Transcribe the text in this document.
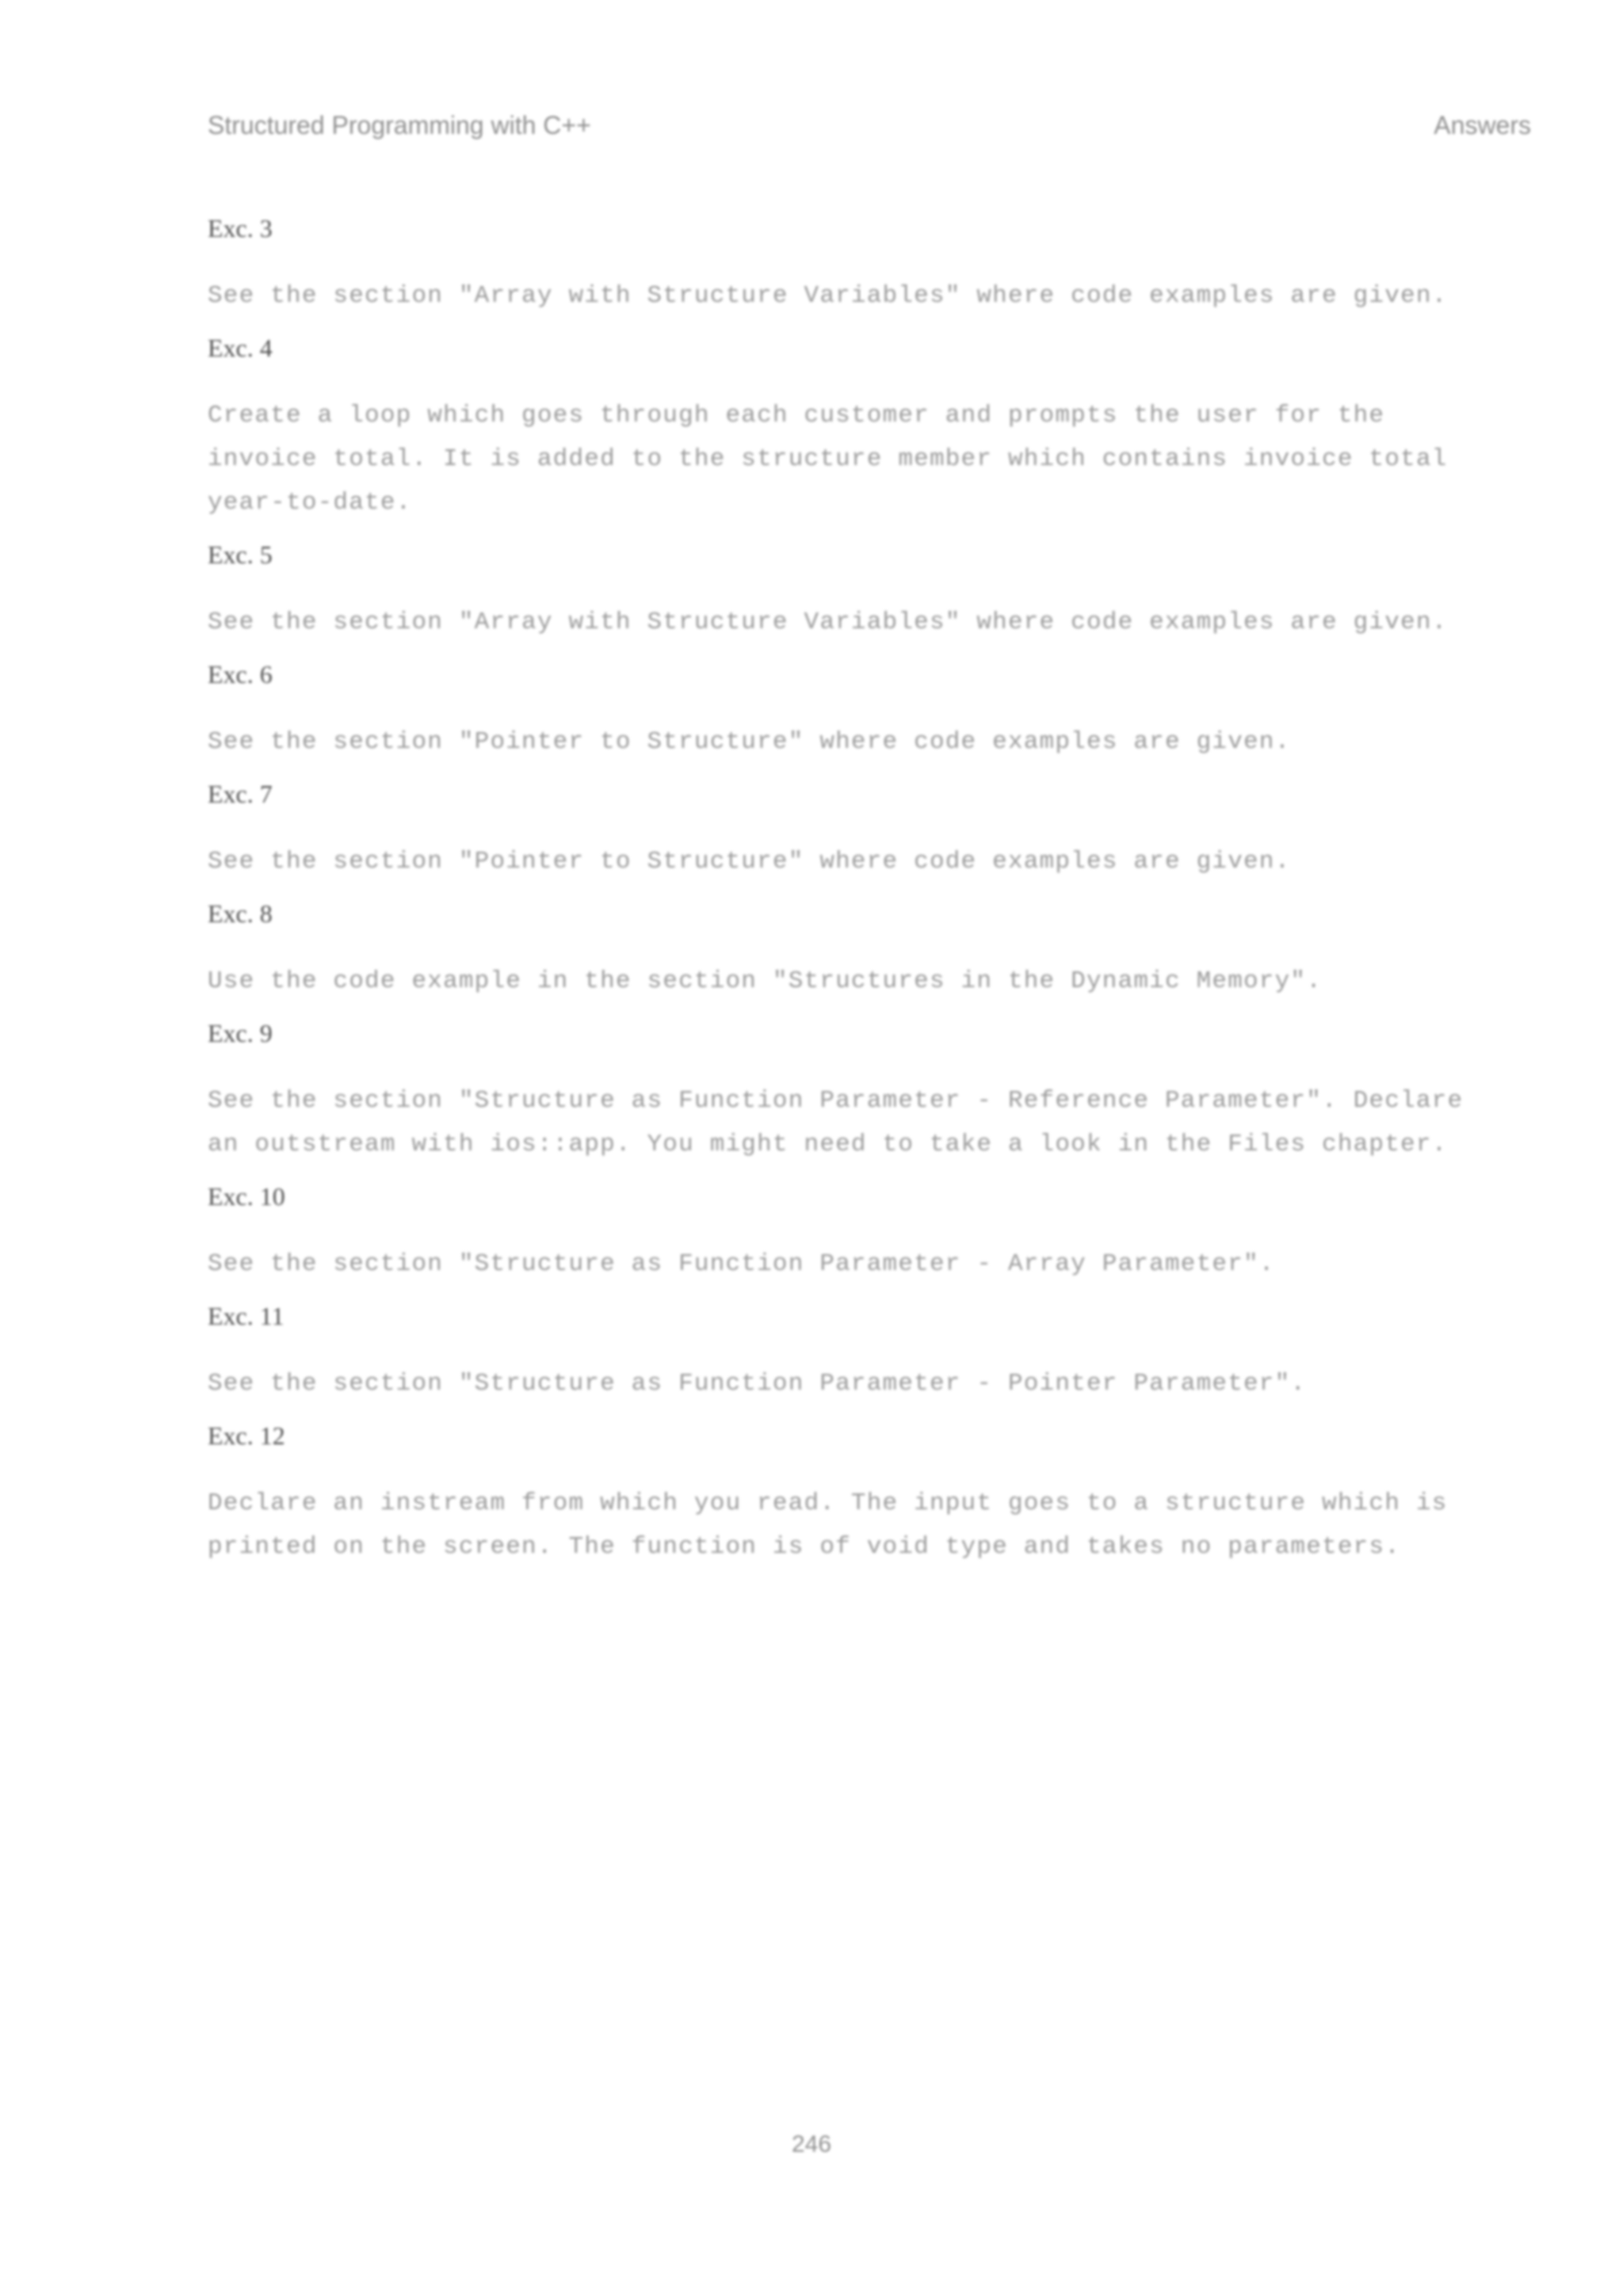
Structured Programming with C++	Answers
Exc. 3
See the section "Array with Structure Variables" where code examples are given.
Exc. 4
Create a loop which goes through each customer and prompts the user for the invoice total. It is added to the structure member which contains invoice total year-to-date.
Exc. 5
See the section "Array with Structure Variables" where code examples are given.
Exc. 6
See the section "Pointer to Structure" where code examples are given.
Exc. 7
See the section "Pointer to Structure" where code examples are given.
Exc. 8
Use the code example in the section "Structures in the Dynamic Memory".
Exc. 9
See the section "Structure as Function Parameter - Reference Parameter". Declare an outstream with ios::app. You might need to take a look in the Files chapter.
Exc. 10
See the section "Structure as Function Parameter - Array Parameter".
Exc. 11
See the section "Structure as Function Parameter - Pointer Parameter".
Exc. 12
Declare an instream from which you read. The input goes to a structure which is printed on the screen. The function is of void type and takes no parameters.
246
